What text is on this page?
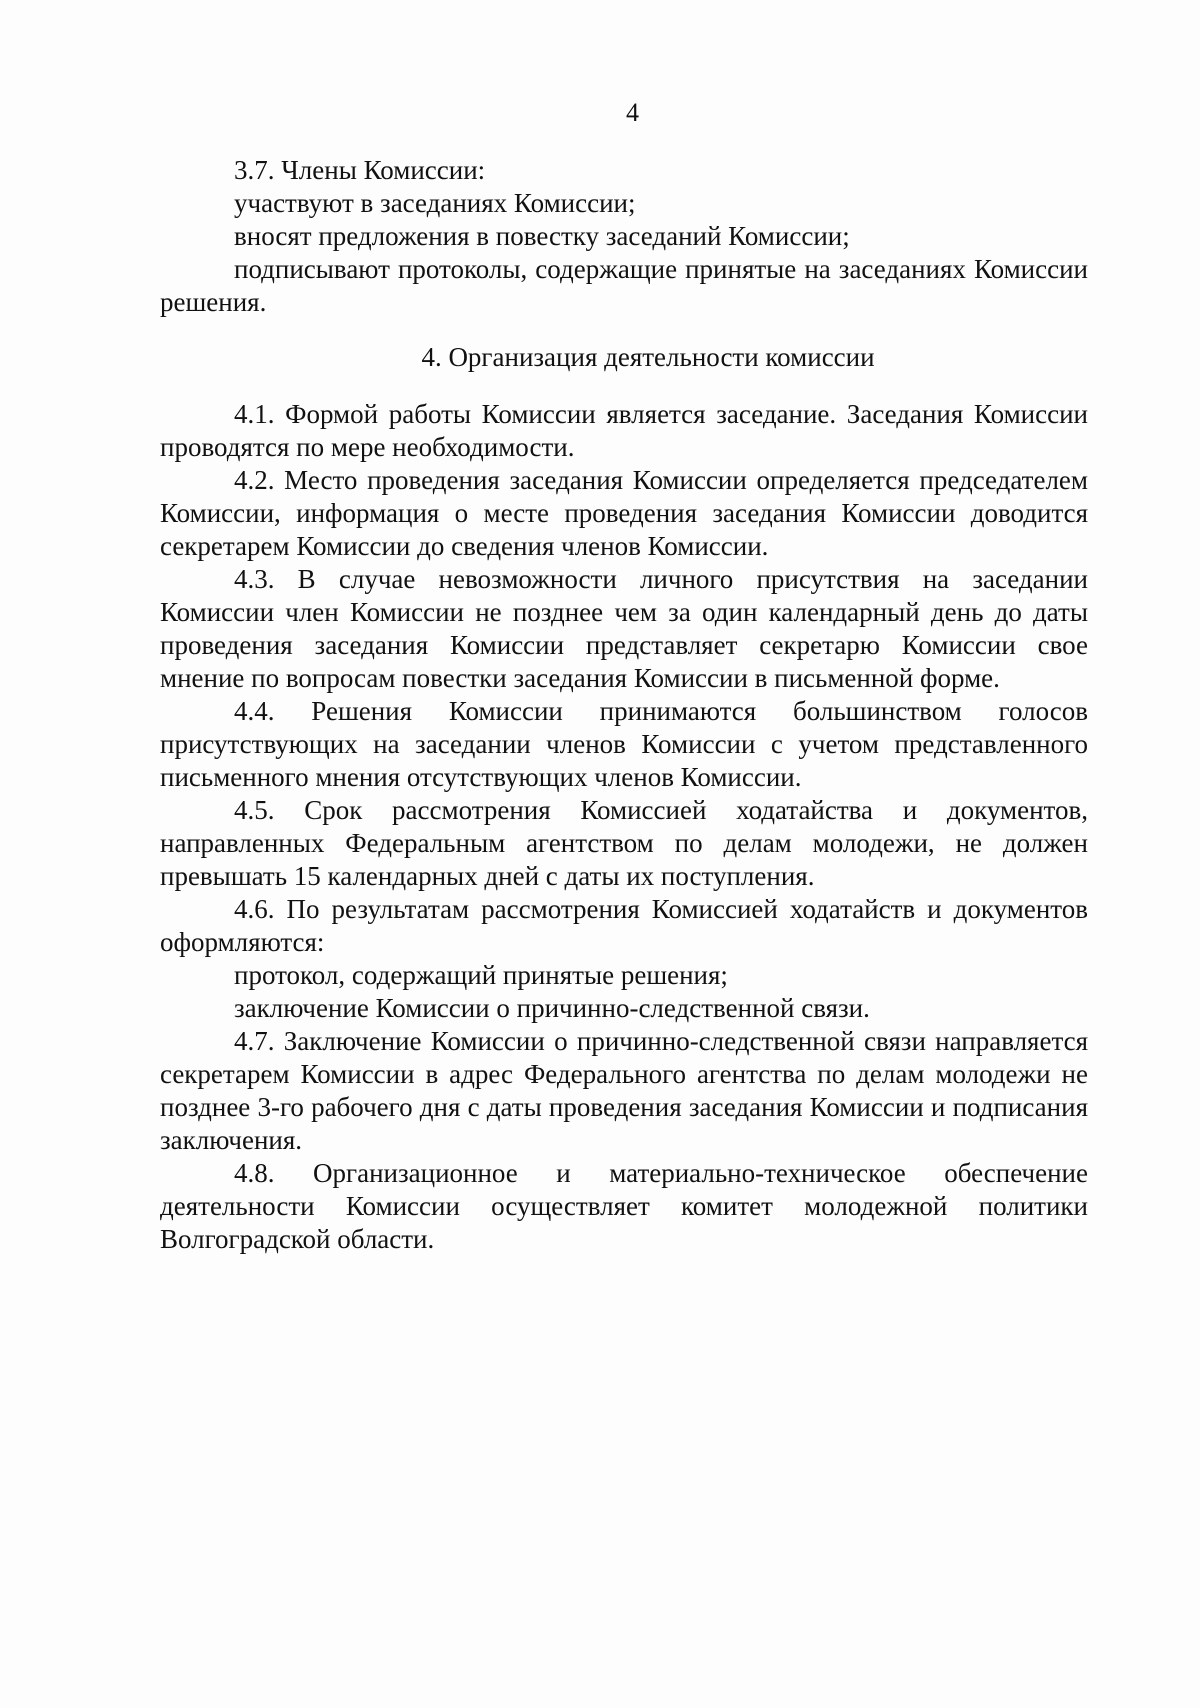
4

3.7. Члены Комиссии:

участвуют в заседаниях Комиссии;

вносят предложения в повестку заседаний Комиссии;

подписывают протоколы, содержащие принятые на заседаниях Комиссии решения.

4. Организация деятельности комиссии

4.1. Формой работы Комиссии является заседание. Заседания Комиссии проводятся по мере необходимости.

4.2. Место проведения заседания Комиссии определяется председателем Комиссии, информация о месте проведения заседания Комиссии доводится секретарем Комиссии до сведения членов Комиссии.

4.3. В случае невозможности личного присутствия на заседании Комиссии член Комиссии не позднее чем за один календарный день до даты проведения заседания Комиссии представляет секретарю Комиссии свое мнение по вопросам повестки заседания Комиссии в письменной форме.

4.4. Решения Комиссии принимаются большинством голосов присутствующих на заседании членов Комиссии с учетом представленного письменного мнения отсутствующих членов Комиссии.

4.5. Срок рассмотрения Комиссией ходатайства и документов, направленных Федеральным агентством по делам молодежи, не должен превышать 15 календарных дней с даты их поступления.

4.6. По результатам рассмотрения Комиссией ходатайств и документов оформляются:

протокол, содержащий принятые решения;

заключение Комиссии о причинно-следственной связи.

4.7. Заключение Комиссии о причинно-следственной связи направляется секретарем Комиссии в адрес Федерального агентства по делам молодежи не позднее 3-го рабочего дня с даты проведения заседания Комиссии и подписания заключения.

4.8. Организационное и материально-техническое обеспечение деятельности Комиссии осуществляет комитет молодежной политики Волгоградской области.
